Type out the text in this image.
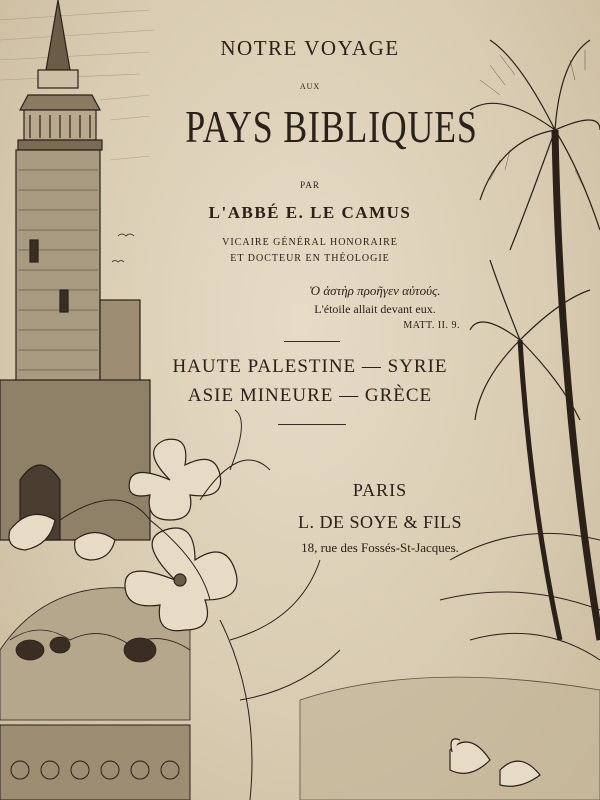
NOTRE VOYAGE
AUX
PAYS BIBLIQUES
PAR
L'ABBÉ E. LE CAMUS
VICAIRE GÉNÉRAL HONORAIRE
ET DOCTEUR EN THÉOLOGIE
Ὁ ἀστὴρ προῆγεν αὐτούς.
L'étoile allait devant eux.
MATT. II. 9.
HAUTE PALESTINE — SYRIE
ASIE MINEURE — GRÈCE
PARIS
L. DE SOYE & FILS
18, rue des Fossés-St-Jacques.
